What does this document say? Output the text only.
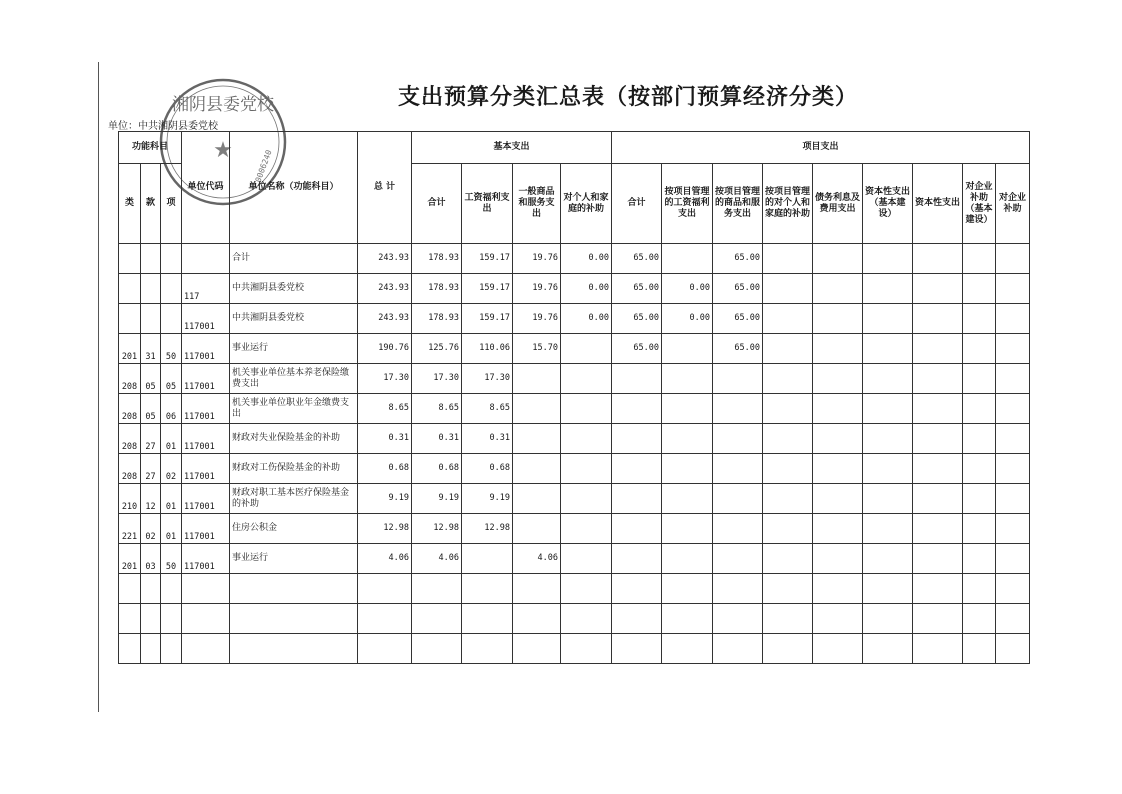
支出预算分类汇总表（按部门预算经济分类）
单位：中共湘阴县委党校
湘阴县委党校
0006240
★
功能科目			单位代码	单位名称（功能科目）	总 计	基本支出				项目支出								
类	款	项				合计	工资福利支出	一般商品和服务支出	对个人和家庭的补助	合计	按项目管理的工资福利支出	按项目管理的商品和服务支出	按项目管理的对个人和家庭的补助	债务利息及费用支出	资本性支出（基本建设）	资本性支出	对企业补助（基本建设）	对企业补助
				合计	243.93	178.93	159.17	19.76	0.00	65.00		65.00						
			117	中共湘阴县委党校	243.93	178.93	159.17	19.76	0.00	65.00	0.00	65.00						
			117001	中共湘阴县委党校	243.93	178.93	159.17	19.76	0.00	65.00	0.00	65.00						
201	31	50	117001	事业运行	190.76	125.76	110.06	15.70		65.00		65.00						
208	05	05	117001	机关事业单位基本养老保险缴费支出	17.30	17.30	17.30											
208	05	06	117001	机关事业单位职业年金缴费支出	8.65	8.65	8.65											
208	27	01	117001	财政对失业保险基金的补助	0.31	0.31	0.31											
208	27	02	117001	财政对工伤保险基金的补助	0.68	0.68	0.68											
210	12	01	117001	财政对职工基本医疗保险基金的补助	9.19	9.19	9.19											
221	02	01	117001	住房公积金	12.98	12.98	12.98											
201	03	50	117001	事业运行	4.06	4.06		4.06										
